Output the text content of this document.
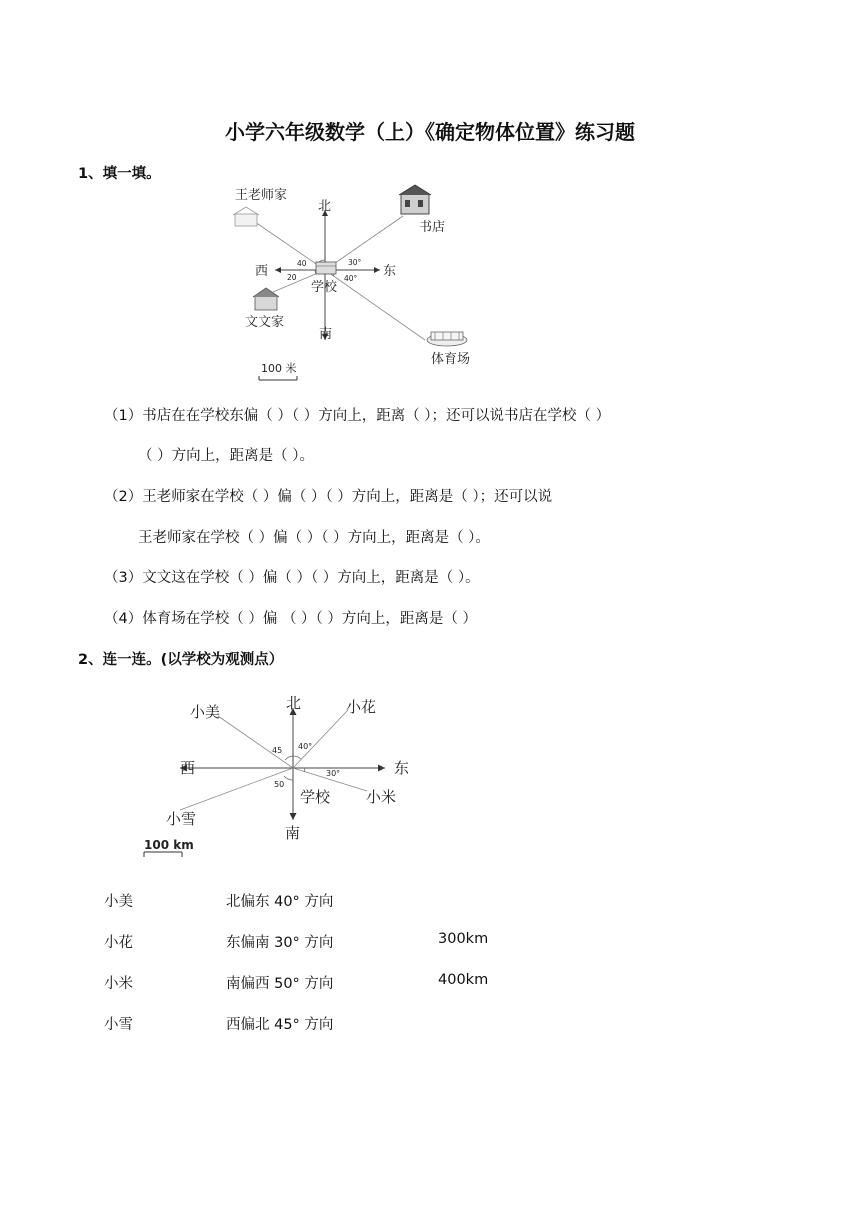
小学六年级数学（上）《确定物体位置》练习题
1、填一填。
北
南
东
西
学校
王老师家
书店
文文家
体育场
40
20
30°
40°
100 米
（1）书店在在学校东偏（ ）（ ）方向上，距离（ ）；还可以说书店在学校（ ）
（ ）方向上，距离是（ ）。
（2）王老师家在学校（ ）偏（ ）（ ）方向上，距离是（ ）；还可以说
王老师家在学校（ ）偏（ ）（ ）方向上，距离是（ ）。
（3）文文这在学校（ ）偏（ ）（ ）方向上，距离是（ ）。
（4）体育场在学校（ ）偏 （ ）（ ）方向上，距离是（ ）
2、连一连。(以学校为观测点）
北
南
东
西
学校
小美	小花
小米
小雪
45 40°
30°
50
100 km
小美
小花
小米
小雪
北偏东 40° 方向
东偏南 30° 方向
南偏西 50° 方向
西偏北 45° 方向
300km
400km
